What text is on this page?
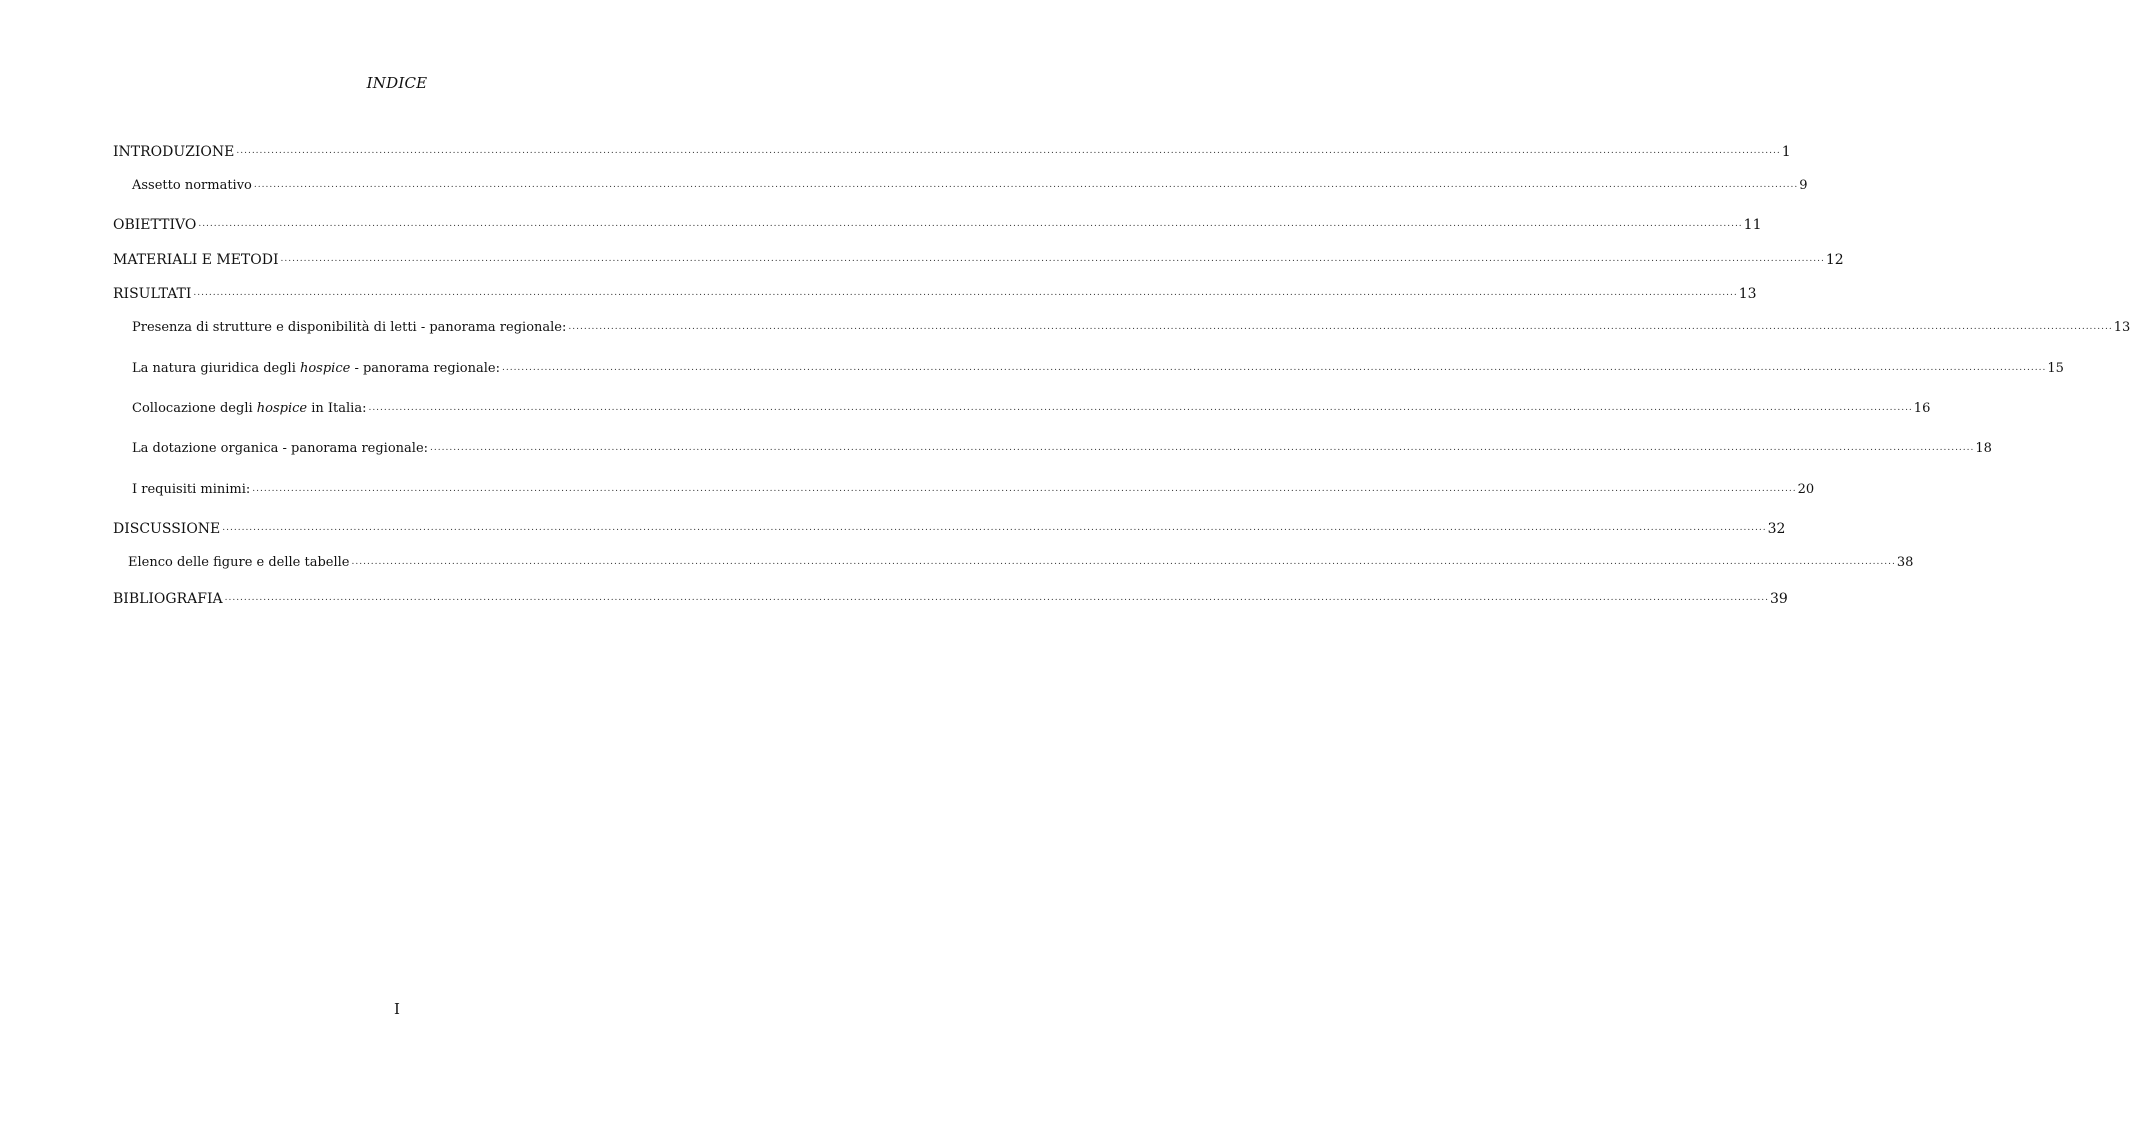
INDICE
INTRODUZIONE ................................................................................................................................................................................................................................................................................................................................................................................................................ 1
Assetto normativo ................................................................................................................................................................................................................................................................................................................................................................................................................ 9
OBIETTIVO ................................................................................................................................................................................................................................................................................................................................................................................................................ 11
MATERIALI E METODI ................................................................................................................................................................................................................................................................................................................................................................................................................ 12
RISULTATI ................................................................................................................................................................................................................................................................................................................................................................................................................ 13
Presenza di strutture e disponibilità di letti - panorama regionale: ................................................................................................................................................................................................................................................................................................................................................................................................................ 13
La natura giuridica degli hospice - panorama regionale: ................................................................................................................................................................................................................................................................................................................................................................................................................ 15
Collocazione degli hospice in Italia: ................................................................................................................................................................................................................................................................................................................................................................................................................ 16
La dotazione organica - panorama regionale: ................................................................................................................................................................................................................................................................................................................................................................................................................ 18
I requisiti minimi: ................................................................................................................................................................................................................................................................................................................................................................................................................ 20
DISCUSSIONE ................................................................................................................................................................................................................................................................................................................................................................................................................ 32
Elenco delle figure e delle tabelle ................................................................................................................................................................................................................................................................................................................................................................................................................ 38
BIBLIOGRAFIA ................................................................................................................................................................................................................................................................................................................................................................................................................ 39
I
